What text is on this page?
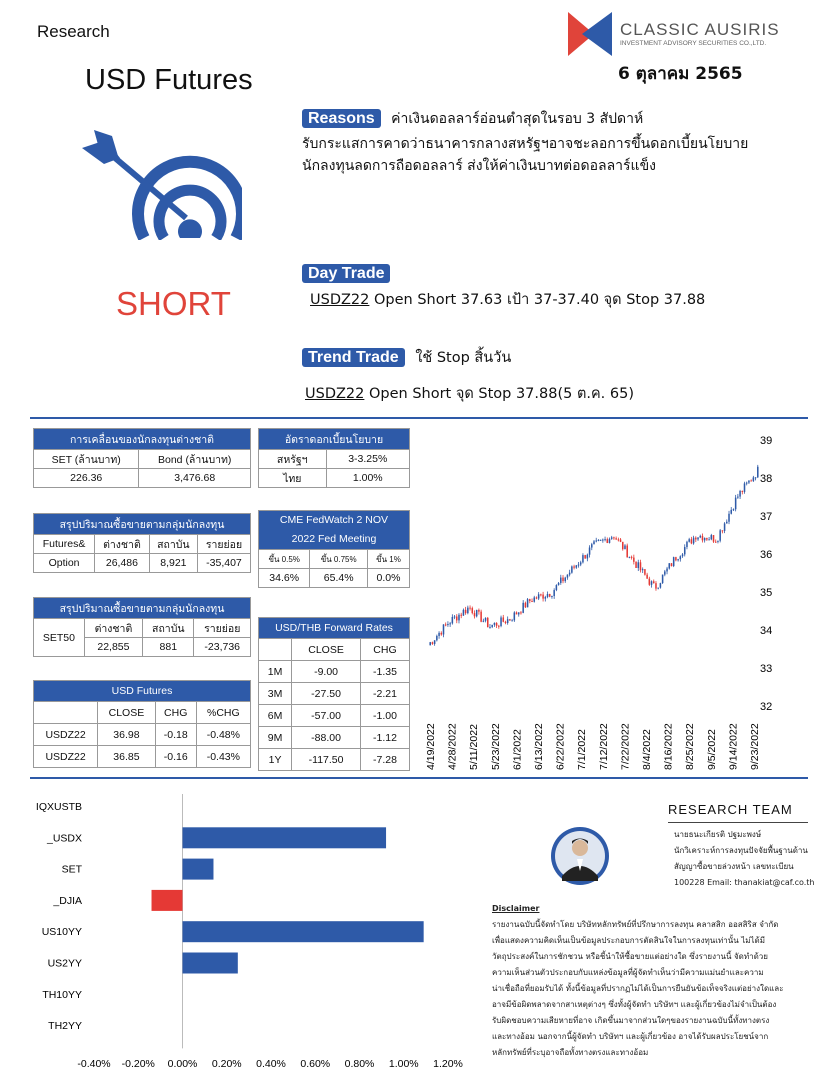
Research	CLASSIC AUSIRIS
INVESTMENT ADVISORY SECURITIES CO.,LTD.
6 ตุลาคม 2565
USD Futures
SHORT
Reasons ค่าเงินดอลลาร์อ่อนตำสุดในรอบ 3 สัปดาห์
รับกระแสการคาดว่าธนาคารกลางสหรัฐฯอาจชะลอการขึ้นดอกเบี้ยนโยบาย
นักลงทุนลดการถือดอลลาร์ ส่งให้ค่าเงินบาทต่อดอลลาร์แข็ง
Day Trade
USDZ22 Open Short 37.63 เป้า 37-37.40 จุด Stop 37.88
Trend Trade ใช้ Stop สิ้นวัน
USDZ22 Open Short จุด Stop 37.88(5 ต.ค. 65)
การเคลื่อนของนักลงทุนต่างชาติ	
SET (ล้านบาท)	Bond (ล้านบาท)
226.36	3,476.68
อัตราดอกเบี้ยนโยบาย	
สหรัฐฯ	3-3.25%
ไทย	1.00%
สรุปปริมาณซื้อขายตามกลุ่มนักลงทุน			
Futures&	ต่างชาติ	สถาบัน	รายย่อย
Option	26,486	8,921	-35,407
CME FedWatch 2 NOV
2022 Fed Meeting		
ขึ้น 0.5%	ขึ้น 0.75%	ขึ้น 1%
34.6%	65.4%	0.0%
สรุปปริมาณซื้อขายตามกลุ่มนักลงทุน			
SET50	ต่างชาติ	สถาบัน	รายย่อย
	22,855	881	-23,736
USD/THB Forward Rates		
	CLOSE	CHG
1M	-9.00	-1.35
3M	-27.50	-2.21
6M	-57.00	-1.00
9M	-88.00	-1.12
1Y	-117.50	-7.28
USD Futures			
	CLOSE	CHG	%CHG
USDZ22	36.98	-0.18	-0.48%
USDZ22	36.85	-0.16	-0.43%
39
38
37
36
35
34
33
32
4/19/2022 4/28/2022 5/11/2022 5/23/2022 6/1/2022 6/13/2022 6/22/2022 7/1/2022 7/12/2022 7/22/2022 8/4/2022 8/16/2022 8/25/2022 9/5/2022 9/14/2022 9/23/2022
IQXUSTB
_USDX
SET
_DJIA
US10YY
US2YY
TH10YY
TH2YY
-0.40% -0.20% 0.00% 0.20% 0.40% 0.60% 0.80% 1.00% 1.20%
RESEARCH TEAM
นายธนะเกียรติ ปฐมะพงษ์
นักวิเคราะห์การลงทุนปัจจัยพื้นฐานด้าน
สัญญาซื้อขายล่วงหน้า เลขทะเบียน
100228 Email: thanakiat@caf.co.th
Disclaimer
รายงานฉบับนี้จัดทำโดย บริษัทหลักทรัพย์ที่ปรึกษาการลงทุน คลาสสิก ออสสิริส จำกัด
เพื่อแสดงความคิดเห็นเป็นข้อมูลประกอบการตัดสินใจในการลงทุนเท่านั้น ไม่ได้มี
วัตถุประสงค์ในการชักชวน หรือชี้นำให้ซื้อขายแต่อย่างใด ซึ่งรายงานนี้ จัดทำด้วย
ความเห็นส่วนตัวประกอบกับแหล่งข้อมูลที่ผู้จัดทำเห็นว่ามีความแม่นยำและความ
น่าเชื่อถือที่ยอมรับได้ ทั้งนี้ข้อมูลที่ปรากฏไม่ได้เป็นการยืนยันข้อเท็จจริงแต่อย่างใดและ
อาจมีข้อผิดพลาดจากสาเหตุต่างๆ ซึ่งทั้งผู้จัดทำ บริษัทฯ และผู้เกี่ยวข้องไม่จำเป็นต้อง
รับผิดชอบความเสียหายที่อาจ เกิดขึ้นมาจากส่วนใดๆของรายงานฉบับนี้ทั้งทางตรง
และทางอ้อม นอกจากนี้ผู้จัดทำ บริษัทฯ และผู้เกี่ยวข้อง อาจได้รับผลประโยชน์จาก
หลักทรัพย์ที่ระบุอาจถือทั้งทางตรงและทางอ้อม
